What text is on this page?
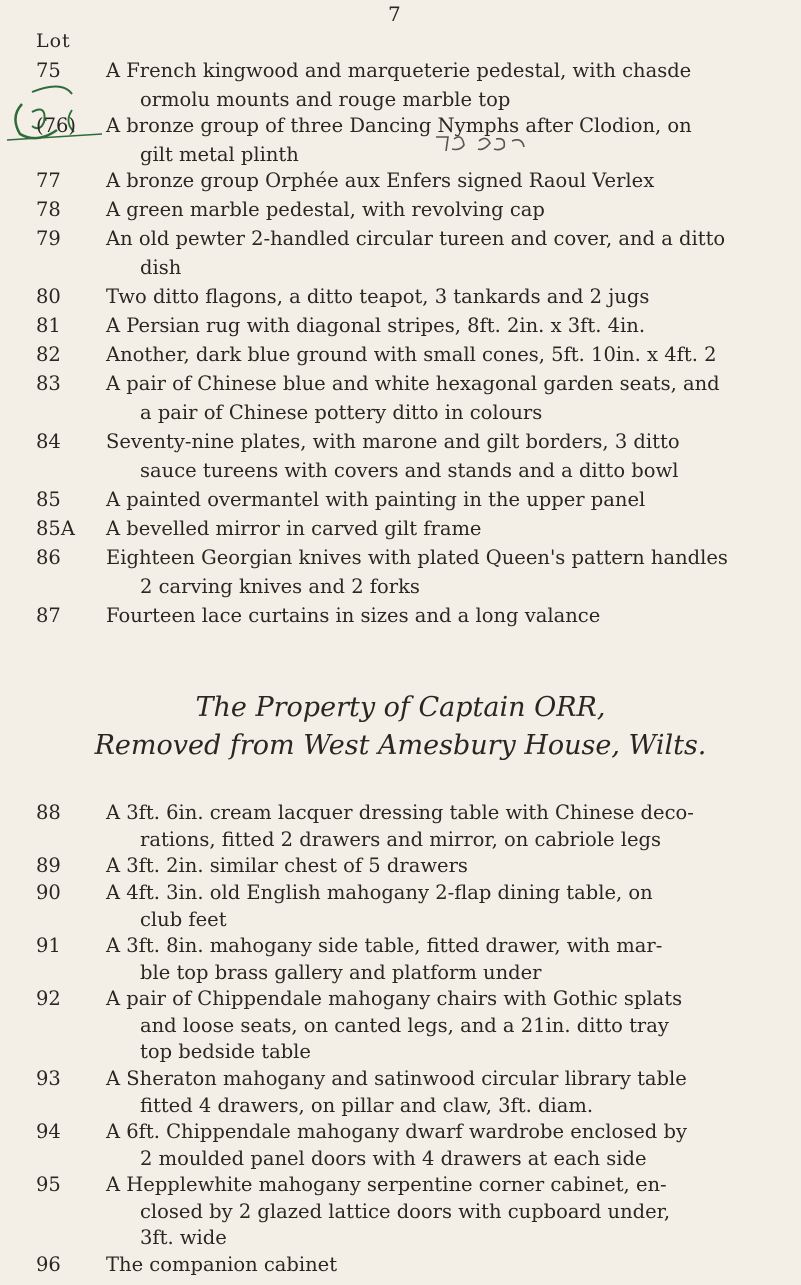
7
Lot
75	A French kingwood and marqueterie pedestal, with chasde
ormolu mounts and rouge marble top
(76)	A bronze group of three Dancing Nymphs after Clodion, on
gilt metal plinth
77	A bronze group Orphée aux Enfers signed Raoul Verlex
78	A green marble pedestal, with revolving cap
79	An old pewter 2-handled circular tureen and cover, and a ditto
dish
80	Two ditto flagons, a ditto teapot, 3 tankards and 2 jugs
81	A Persian rug with diagonal stripes, 8ft. 2in. x 3ft. 4in.
82	Another, dark blue ground with small cones, 5ft. 10in. x 4ft. 2
83	A pair of Chinese blue and white hexagonal garden seats, and
a pair of Chinese pottery ditto in colours
84	Seventy-nine plates, with marone and gilt borders, 3 ditto
sauce tureens with covers and stands and a ditto bowl
85	A painted overmantel with painting in the upper panel
85A	A bevelled mirror in carved gilt frame
86	Eighteen Georgian knives with plated Queen's pattern handles
2 carving knives and 2 forks
87	Fourteen lace curtains in sizes and a long valance
The Property of Captain ORR,
Removed from West Amesbury House, Wilts.
88	A 3ft. 6in. cream lacquer dressing table with Chinese deco-
rations, fitted 2 drawers and mirror, on cabriole legs
89	A 3ft. 2in. similar chest of 5 drawers
90	A 4ft. 3in. old English mahogany 2-flap dining table, on
club feet
91	A 3ft. 8in. mahogany side table, fitted drawer, with mar-
ble top brass gallery and platform under
92	A pair of Chippendale mahogany chairs with Gothic splats
and loose seats, on canted legs, and a 21in. ditto tray
top bedside table
93	A Sheraton mahogany and satinwood circular library table
fitted 4 drawers, on pillar and claw, 3ft. diam.
94	A 6ft. Chippendale mahogany dwarf wardrobe enclosed by
2 moulded panel doors with 4 drawers at each side
95	A Hepplewhite mahogany serpentine corner cabinet, en-
closed by 2 glazed lattice doors with cupboard under,
3ft. wide
96	The companion cabinet
